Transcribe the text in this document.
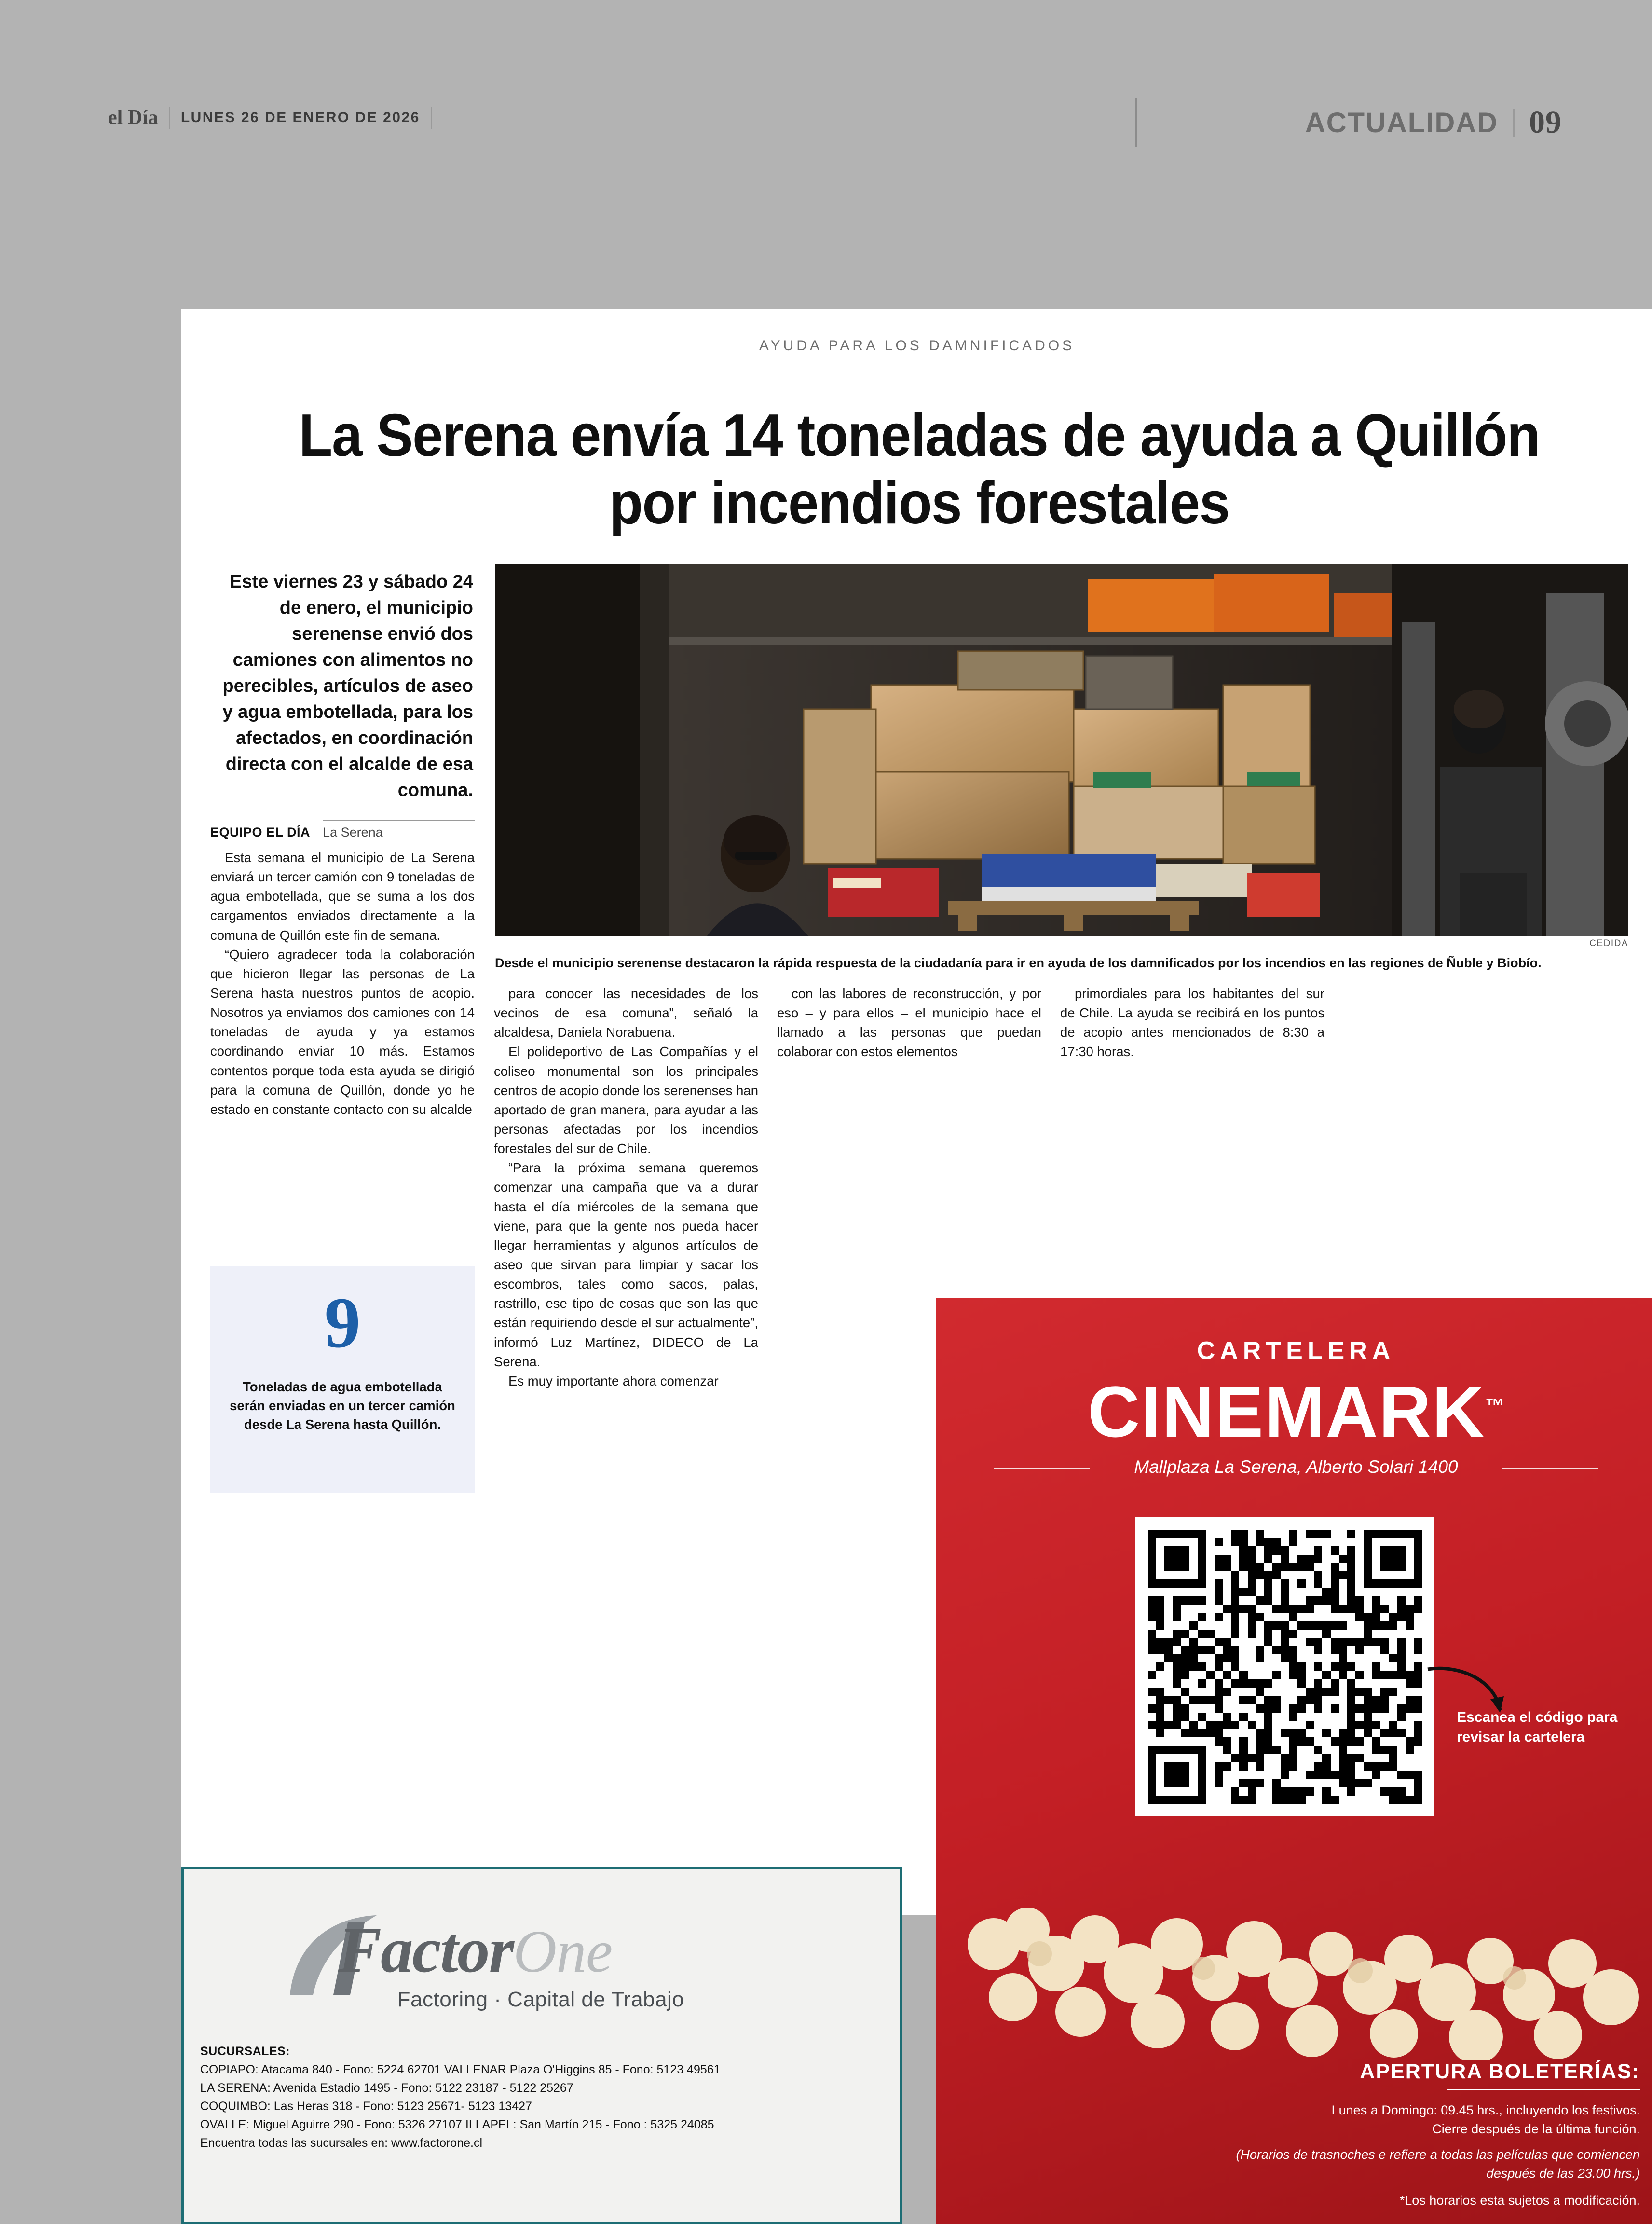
el Día	LUNES 26 DE ENERO DE 2026	ACTUALIDAD 09
AYUDA PARA LOS DAMNIFICADOS
La Serena envía 14 toneladas de ayuda a Quillón por incendios forestales
Este viernes 23 y sábado 24 de enero, el municipio serenense envió dos camiones con alimentos no perecibles, artículos de aseo y agua embotellada, para los afectados, en coordinación directa con el alcalde de esa comuna.
EQUIPO EL DÍA La Serena
CEDIDA
Desde el municipio serenense destacaron la rápida respuesta de la ciudadanía para ir en ayuda de los damnificados por los incendios en las regiones de Ñuble y Biobío.

Esta semana el municipio de La Serena enviará un tercer camión con 9 toneladas de agua embotellada, que se suma a los dos cargamentos enviados directamente a la comuna de Quillón este fin de semana.

“Quiero agradecer toda la colaboración que hicieron llegar las personas de La Serena hasta nuestros puntos de acopio. Nosotros ya enviamos dos camiones con 14 toneladas de ayuda y ya estamos coordinando enviar 10 más. Estamos contentos porque toda esta ayuda se dirigió para la comuna de Quillón, donde yo he estado en constante contacto con su alcalde

para conocer las necesidades de los vecinos de esa comuna”, señaló la alcaldesa, Daniela Norabuena.

El polideportivo de Las Compañías y el coliseo monumental son los principales centros de acopio donde los serenenses han aportado de gran manera, para ayudar a las personas afectadas por los incendios forestales del sur de Chile.

“Para la próxima semana queremos comenzar una campaña que va a durar hasta el día miércoles de la semana que viene, para que la gente nos pueda hacer llegar herramientas y algunos artículos de aseo que sirvan para limpiar y sacar los escombros, tales como sacos, palas, rastrillo, ese tipo de cosas que son las que están requiriendo desde el sur actualmente”, informó Luz Martínez, DIDECO de La Serena.

Es muy importante ahora comenzar

con las labores de reconstrucción, y por eso – y para ellos – el municipio hace el llamado a las personas que puedan colaborar con estos elementos

primordiales para los habitantes del sur de Chile. La ayuda se recibirá en los puntos de acopio antes mencionados de 8:30 a 17:30 horas.

9
Toneladas de agua embotellada serán enviadas en un tercer camión desde La Serena hasta Quillón.
CARTELERA
CINEMARK™
Mallplaza La Serena, Alberto Solari 1400
Escanea el código para revisar la cartelera
APERTURA BOLETERÍAS:
Lunes a Domingo: 09.45 hrs., incluyendo los festivos.
Cierre después de la última función.
(Horarios de trasnoches e refiere a todas las películas que comiencen después de las 23.00 hrs.)
*Los horarios esta sujetos a modificación.
FactorOne
Factoring · Capital de Trabajo
SUCURSALES:
COPIAPO: Atacama 840 - Fono: 5224 62701 VALLENAR Plaza O'Higgins 85 - Fono: 5123 49561
LA SERENA: Avenida Estadio 1495 - Fono: 5122 23187 - 5122 25267
COQUIMBO: Las Heras 318 - Fono: 5123 25671- 5123 13427
OVALLE: Miguel Aguirre 290 - Fono: 5326 27107 ILLAPEL: San Martín 215 - Fono : 5325 24085
Encuentra todas las sucursales en: www.factorone.cl
